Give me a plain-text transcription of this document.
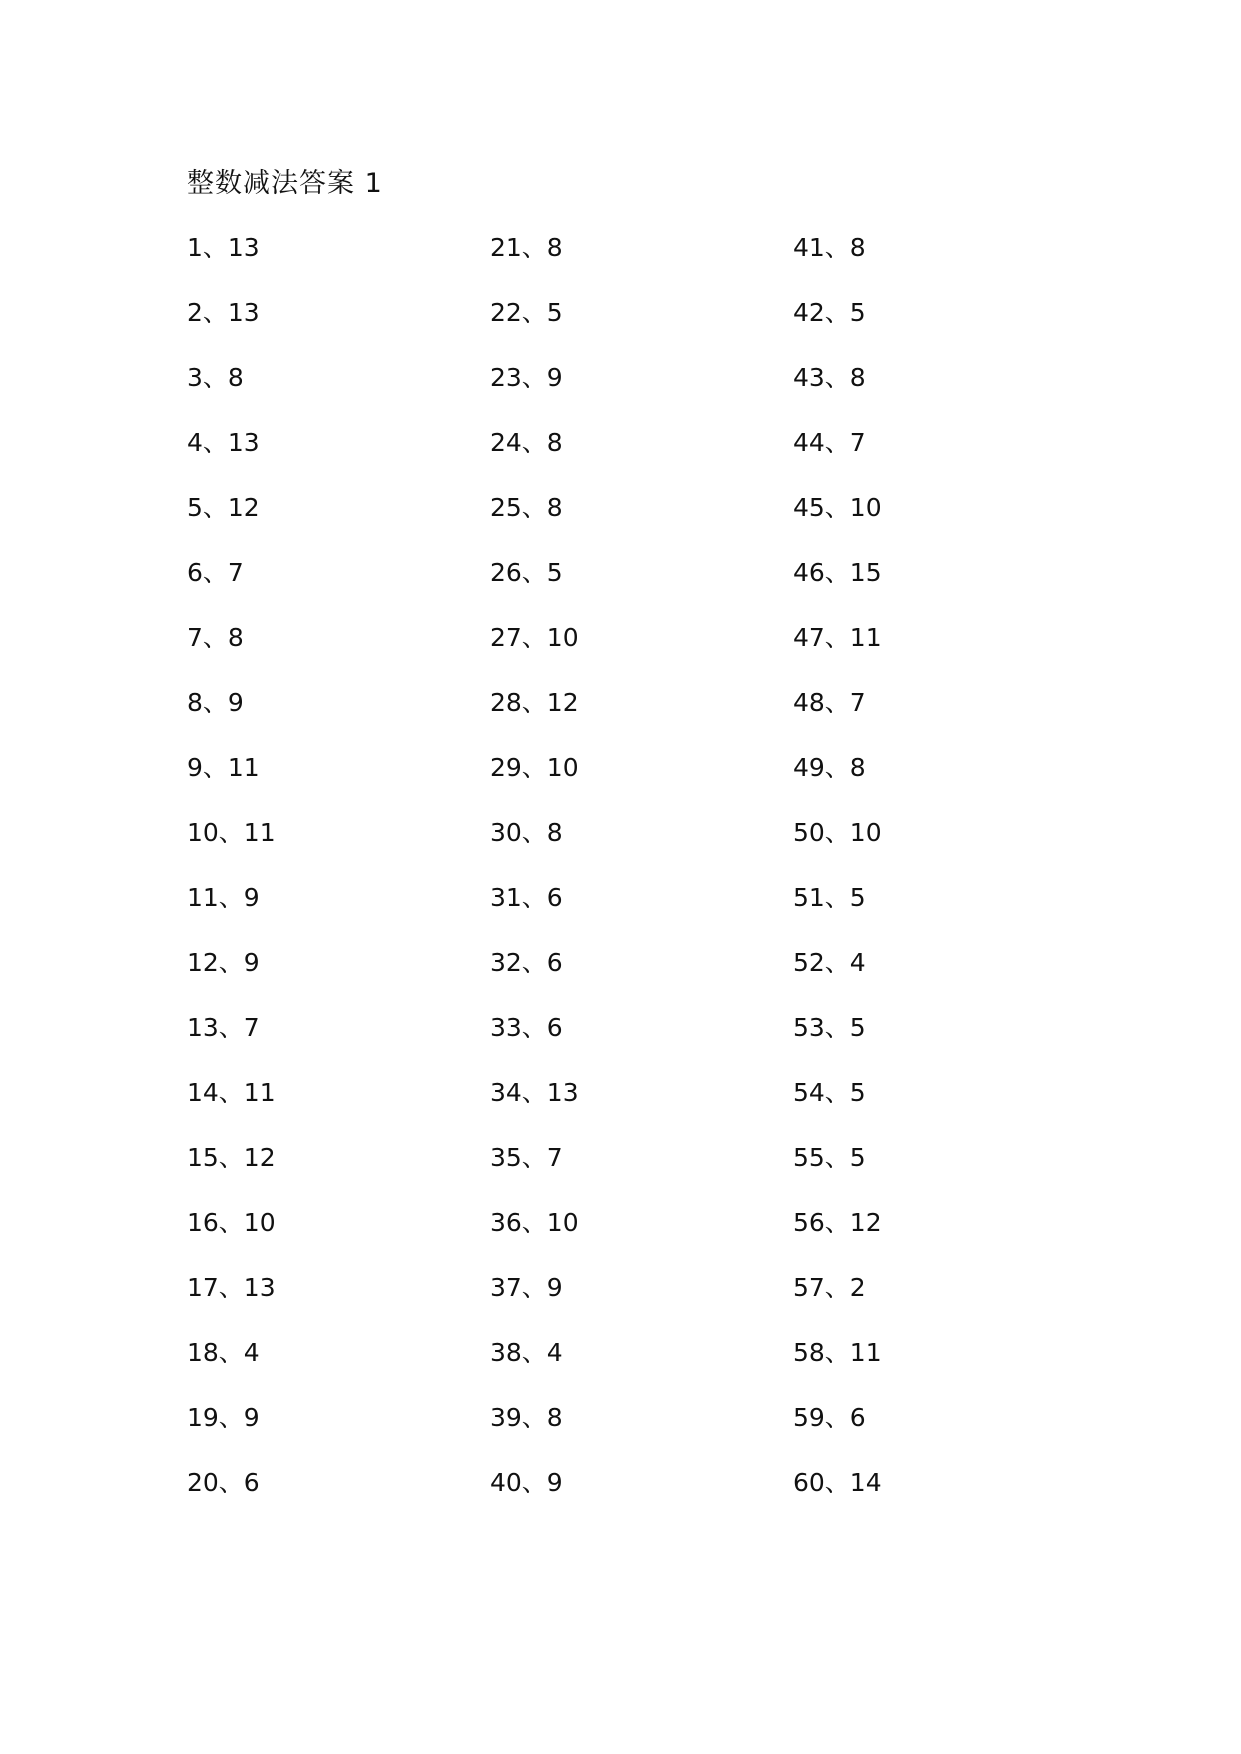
整数减法答案 1
1、13
2、13
3、8
4、13
5、12
6、7
7、8
8、9
9、11
10、11
11、9
12、9
13、7
14、11
15、12
16、10
17、13
18、4
19、9
20、6
21、8
22、5
23、9
24、8
25、8
26、5
27、10
28、12
29、10
30、8
31、6
32、6
33、6
34、13
35、7
36、10
37、9
38、4
39、8
40、9
41、8
42、5
43、8
44、7
45、10
46、15
47、11
48、7
49、8
50、10
51、5
52、4
53、5
54、5
55、5
56、12
57、2
58、11
59、6
60、14
